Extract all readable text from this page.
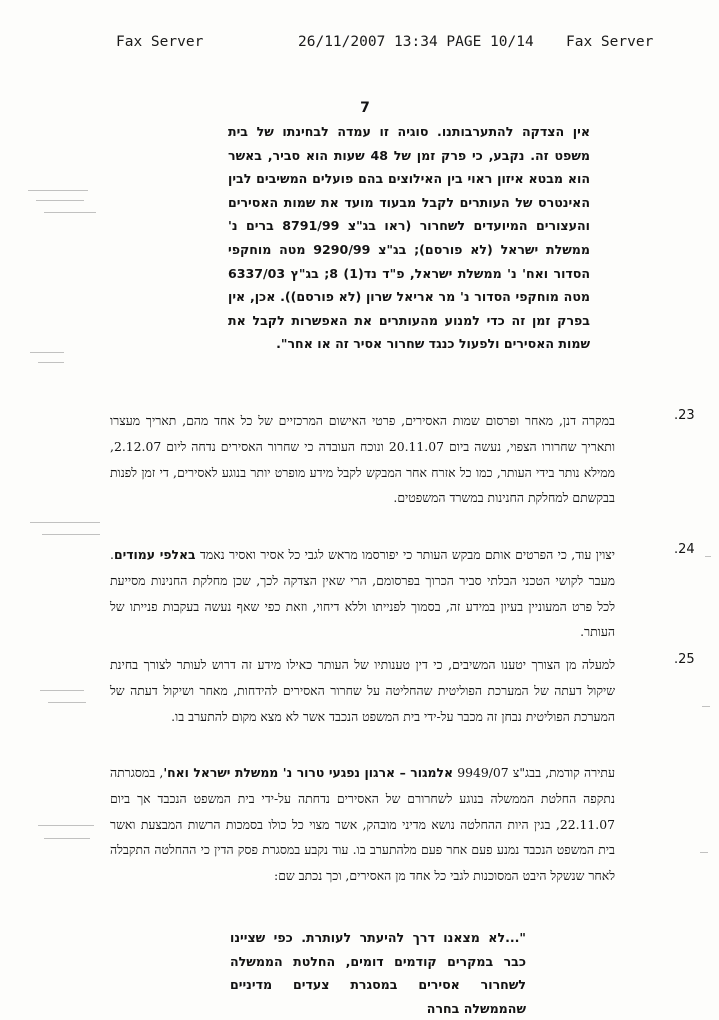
Fax Server	26/11/2007 13:34 PAGE 10/14 Fax Server
7

אין הצדקה להתערבותנו. סוגיה זו עמדה לבחינתו של בית משפט זה. נקבע, כי פרק זמן של 48 שעות הוא סביר, באשר הוא מבטא איזון ראוי בין האילוצים בהם פועלים המשיבים לבין האינטרס של העותרים לקבל מבעוד מועד את שמות האסירים והעצורים המיועדים לשחרור (ראו בג"צ 8791/99 ברים נ' ממשלת ישראל (לא פורסם); בג"צ 9290/99 מטה מוחקפי הסדור ואח' נ' ממשלת ישראל, פ"ד נד(1) 8; בג"ץ 6337/03 מטה מוחקפי הסדור נ' מר אריאל שרון (לא פורסם)). אכן, אין בפרק זמן זה כדי למנוע מהעותרים את האפשרות לקבל את שמות האסירים ולפעול כנגד שחרור אסיר זה או אחר".

.23
במקרה דנן, מאחר ופרסום שמות האסירים, פרטי האישום המרכזיים של כל אחד מהם, תאריך מעצרו ותאריך שחרורו הצפוי, נעשה ביום 20.11.07 ונוכח העובדה כי שחרור האסירים נדחה ליום 2.12.07, ממילא נותר בידי העותר, כמו כל אזרח אחר המבקש לקבל מידע מופרט יותר בנוגע לאסירים, די זמן לפנות בבקשתם למחלקת החנינות במשרד המשפטים.
.24
יצוין עוד, כי הפרטים אותם מבקש העותר כי יפורסמו מראש לגבי כל אסיר ואסיר נאמד באלפי עמודים. מעבר לקושי הטכני הבלתי סביר הכרוך בפרסומם, הרי שאין הצדקה לכך, שכן מחלקת החנינות מסייעת לכל פרט המעוניין בעיון במידע זה, בסמוך לפנייתו וללא דיחוי, וזאת כפי שאף נעשה בעקבות פנייתו של העותר.
.25
למעלה מן הצורך יטענו המשיבים, כי דין טענותיו של העותר כאילו מידע זה דרוש לעותר לצורך בחינת שיקול דעתה של המערכת הפוליטית שהחליטה על שחרור האסירים להידחות, מאחר ושיקול דעתה של המערכת הפוליטית נבחן זה מכבר על-ידי בית המשפט הנכבד אשר לא מצא מקום להתערב בו.
עתירה קודמת, בבג"צ 9949/07 אלמגור – ארגון נפגעי טרור נ' ממשלת ישראל ואח', במסגרתה נתקפה החלטת הממשלה בנוגע לשחרורם של האסירים נדחתה על-ידי בית המשפט הנכבד אך ביום 22.11.07, בגין היות ההחלטה נושא מדיני מובהק, אשר מצוי כל כולו בסמכות הרשות המבצעת ואשר בית המשפט הנכבד נמנע פעם אחר פעם מלהתערב בו. עוד נקבע במסגרת פסק הדין כי ההחלטה התקבלה לאחר שנשקל היבט המסוכנות לגבי כל אחד מן האסירים, וכך נכתב שם:

"...לא מצאנו דרך להיעתר לעותרת. כפי שציינו כבר במקרים קודמים דומים, החלטת הממשלה לשחרור אסירים במסגרת צעדים מדיניים שהממשלה בחרה
